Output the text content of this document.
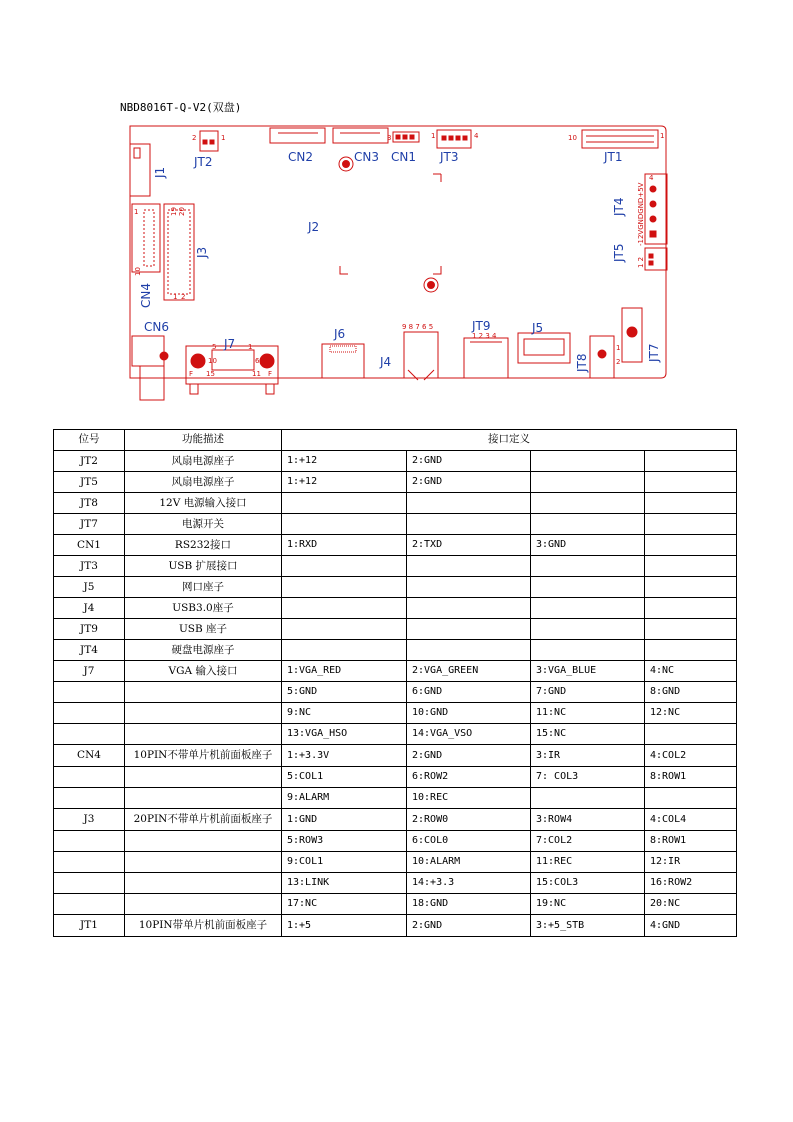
NBD8016T-Q-V2(双盘)
J1
JT2	CN2	CN3 CN1 JT3	JT1
JT4
JT5
J2
J3
CN4
CN6
J7
J6
J4
JT9	J5
JT8
JT7
2	1	3	1	4	10	1
4
-12VGNDGND+5V
1 2
19 20
1 2
10
1
5	1
10	6
15	11
F	F
9 8 7 6 5
1 2 3 4
1
2
位号	功能描述	接口定义			
JT2	风扇电源座子	1:+12	2:GND		
JT5	风扇电源座子	1:+12	2:GND		
JT8	12V 电源输入接口				
JT7	电源开关				
CN1	RS232接口	1:RXD	2:TXD	3:GND	
JT3	USB 扩展接口				
J5	网口座子				
J4	USB3.0座子				
JT9	USB 座子				
JT4	硬盘电源座子				
J7	VGA 输入接口	1:VGA_RED	2:VGA_GREEN	3:VGA_BLUE	4:NC
		5:GND	6:GND	7:GND	8:GND
		9:NC	10:GND	11:NC	12:NC
		13:VGA_HSO	14:VGA_VSO	15:NC	
CN4	10PIN不带单片机前面板座子	1:+3.3V	2:GND	3:IR	4:COL2
		5:COL1	6:ROW2	7: COL3	8:ROW1
		9:ALARM	10:REC		
J3	20PIN不带单片机前面板座子	1:GND	2:ROW0	3:ROW4	4:COL4
		5:ROW3	6:COL0	7:COL2	8:ROW1
		9:COL1	10:ALARM	11:REC	12:IR
		13:LINK	14:+3.3	15:COL3	16:ROW2
		17:NC	18:GND	19:NC	20:NC
JT1	10PIN带单片机前面板座子	1:+5	2:GND	3:+5_STB	4:GND
